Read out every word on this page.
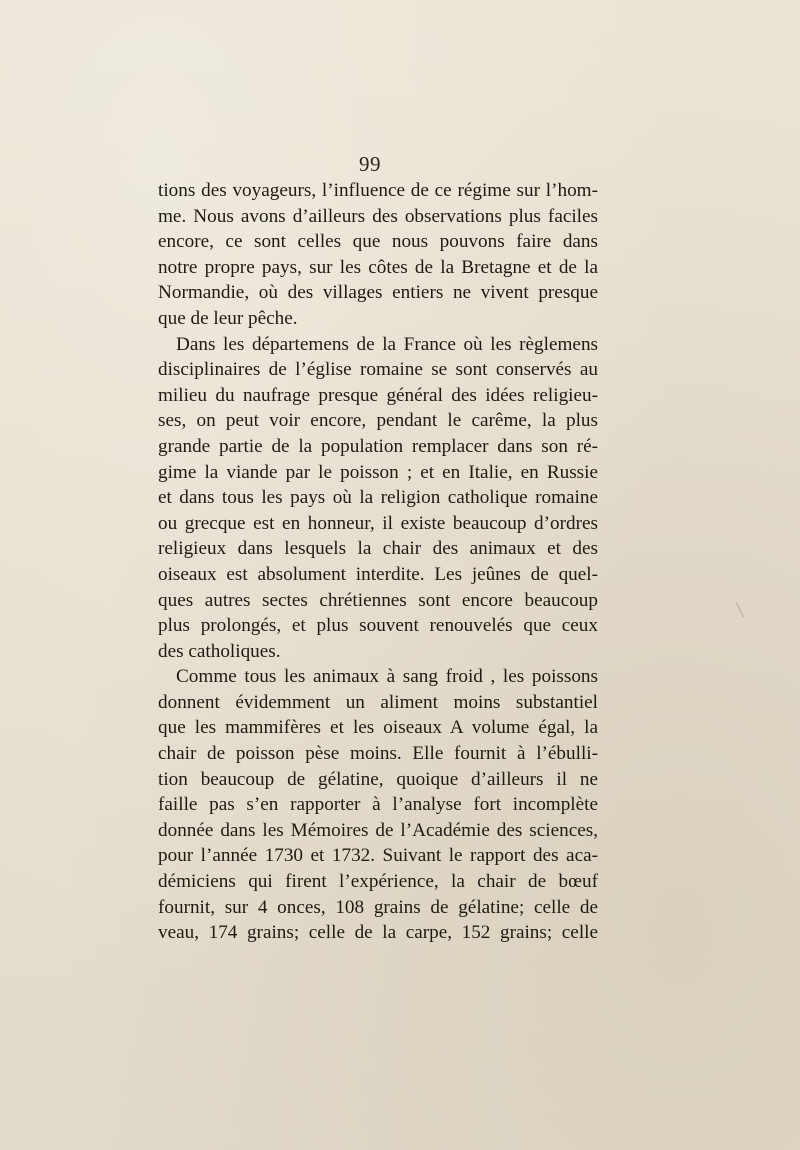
99
tions des voyageurs, l’influence de ce régime sur l’hom-
me. Nous avons d’ailleurs des observations plus faciles
encore, ce sont celles que nous pouvons faire dans
notre propre pays, sur les côtes de la Bretagne et de la
Normandie, où des villages entiers ne vivent presque
que de leur pêche.
Dans les départemens de la France où les règlemens
disciplinaires de l’église romaine se sont conservés au
milieu du naufrage presque général des idées religieu-
ses, on peut voir encore, pendant le carême, la plus
grande partie de la population remplacer dans son ré-
gime la viande par le poisson ; et en Italie, en Russie
et dans tous les pays où la religion catholique romaine
ou grecque est en honneur, il existe beaucoup d’ordres
religieux dans lesquels la chair des animaux et des
oiseaux est absolument interdite. Les jeûnes de quel-
ques autres sectes chrétiennes sont encore beaucoup
plus prolongés, et plus souvent renouvelés que ceux
des catholiques.
Comme tous les animaux à sang froid , les poissons
donnent évidemment un aliment moins substantiel
que les mammifères et les oiseaux A volume égal, la
chair de poisson pèse moins. Elle fournit à l’ébulli-
tion beaucoup de gélatine, quoique d’ailleurs il ne
faille pas s’en rapporter à l’analyse fort incomplète
donnée dans les Mémoires de l’Académie des sciences,
pour l’année 1730 et 1732. Suivant le rapport des aca-
démiciens qui firent l’expérience, la chair de bœuf
fournit, sur 4 onces, 108 grains de gélatine; celle de
veau, 174 grains; celle de la carpe, 152 grains; celle
